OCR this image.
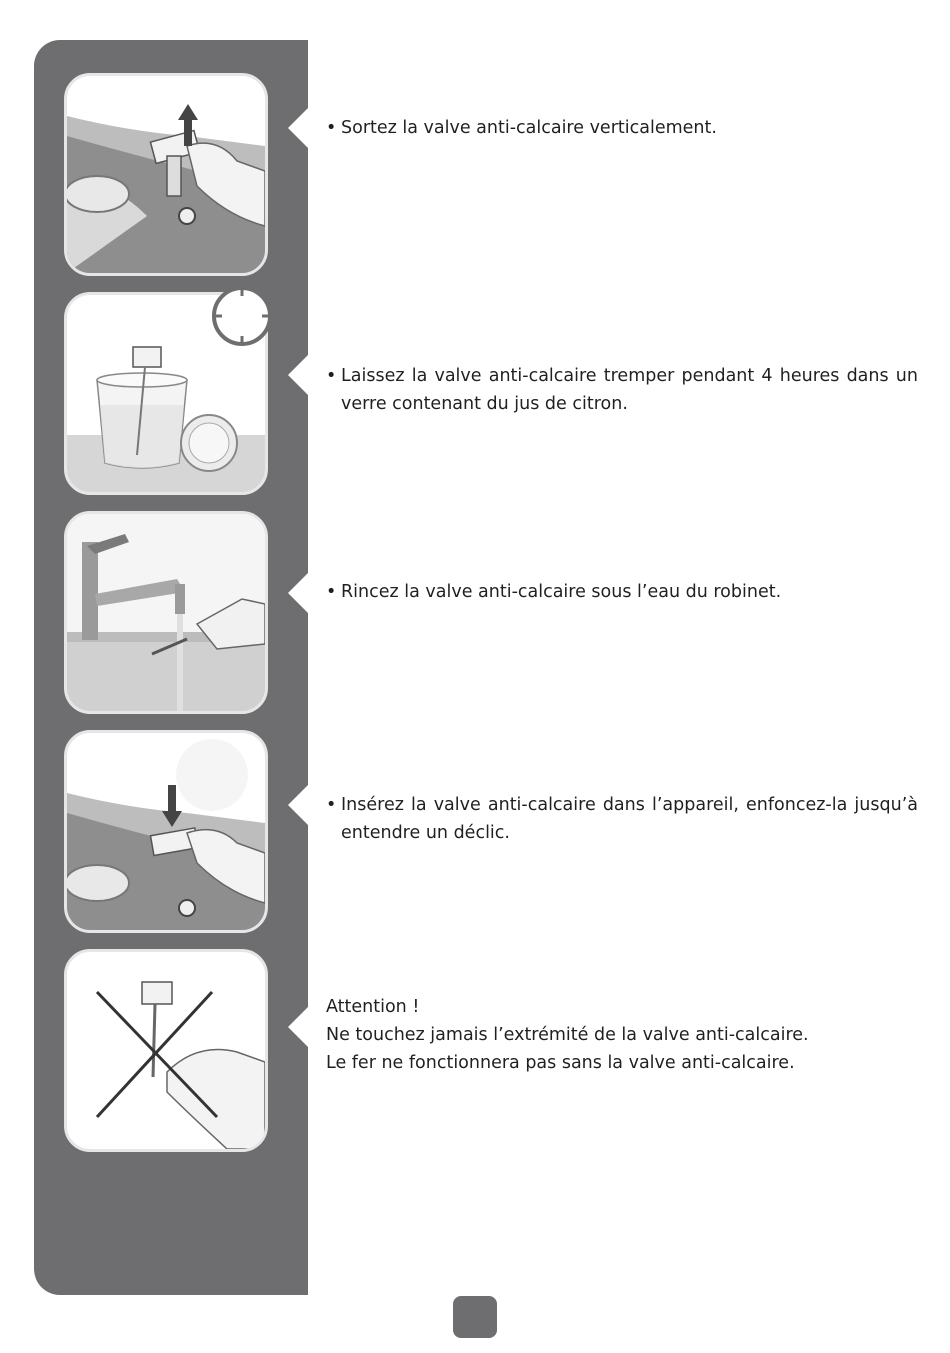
• Sortez la valve anti-calcaire verticalement.
• Laissez la valve anti-calcaire tremper pendant 4 heures dans un verre contenant du jus de citron.
• Rincez la valve anti-calcaire sous l’eau du robinet.
• Insérez la valve anti-calcaire dans l’appareil, enfoncez-la jusqu’à entendre un déclic.
Attention !
Ne touchez jamais l’extrémité de la valve anti-calcaire.
Le fer ne fonctionnera pas sans la valve anti-calcaire.
